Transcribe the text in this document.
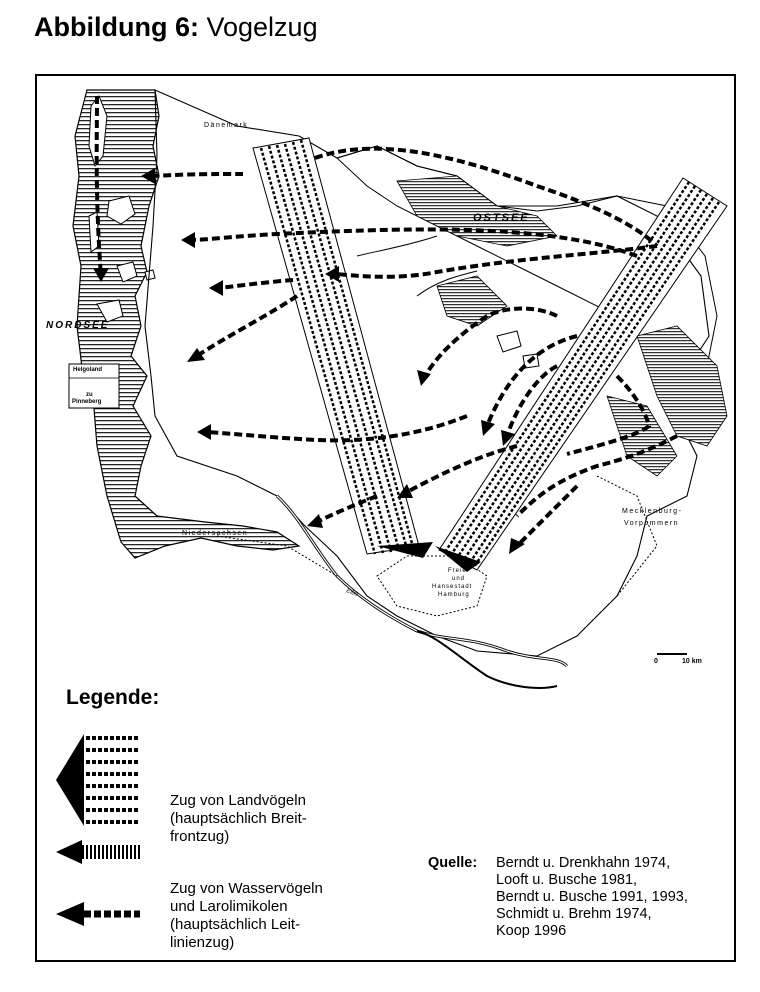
Abbildung 6: Vogelzug
Dänemark
OSTSEE
NORDSEE
Helgoland
zu
Pinneberg
Niedersachsen
Mecklenburg-
Vorpommern
Freie
und
Hansestadt
Hamburg
Elbe
0	10 km
Legende:
Zug von Landvögeln
(hauptsächlich Breit-
frontzug)
Zug von Wasservögeln
und Larolimikolen
(hauptsächlich Leit-
linienzug)
Quelle: Berndt u. Drenkhahn 1974,
Looft u. Busche 1981,
Berndt u. Busche 1991, 1993,
Schmidt u. Brehm 1974,
Koop 1996
